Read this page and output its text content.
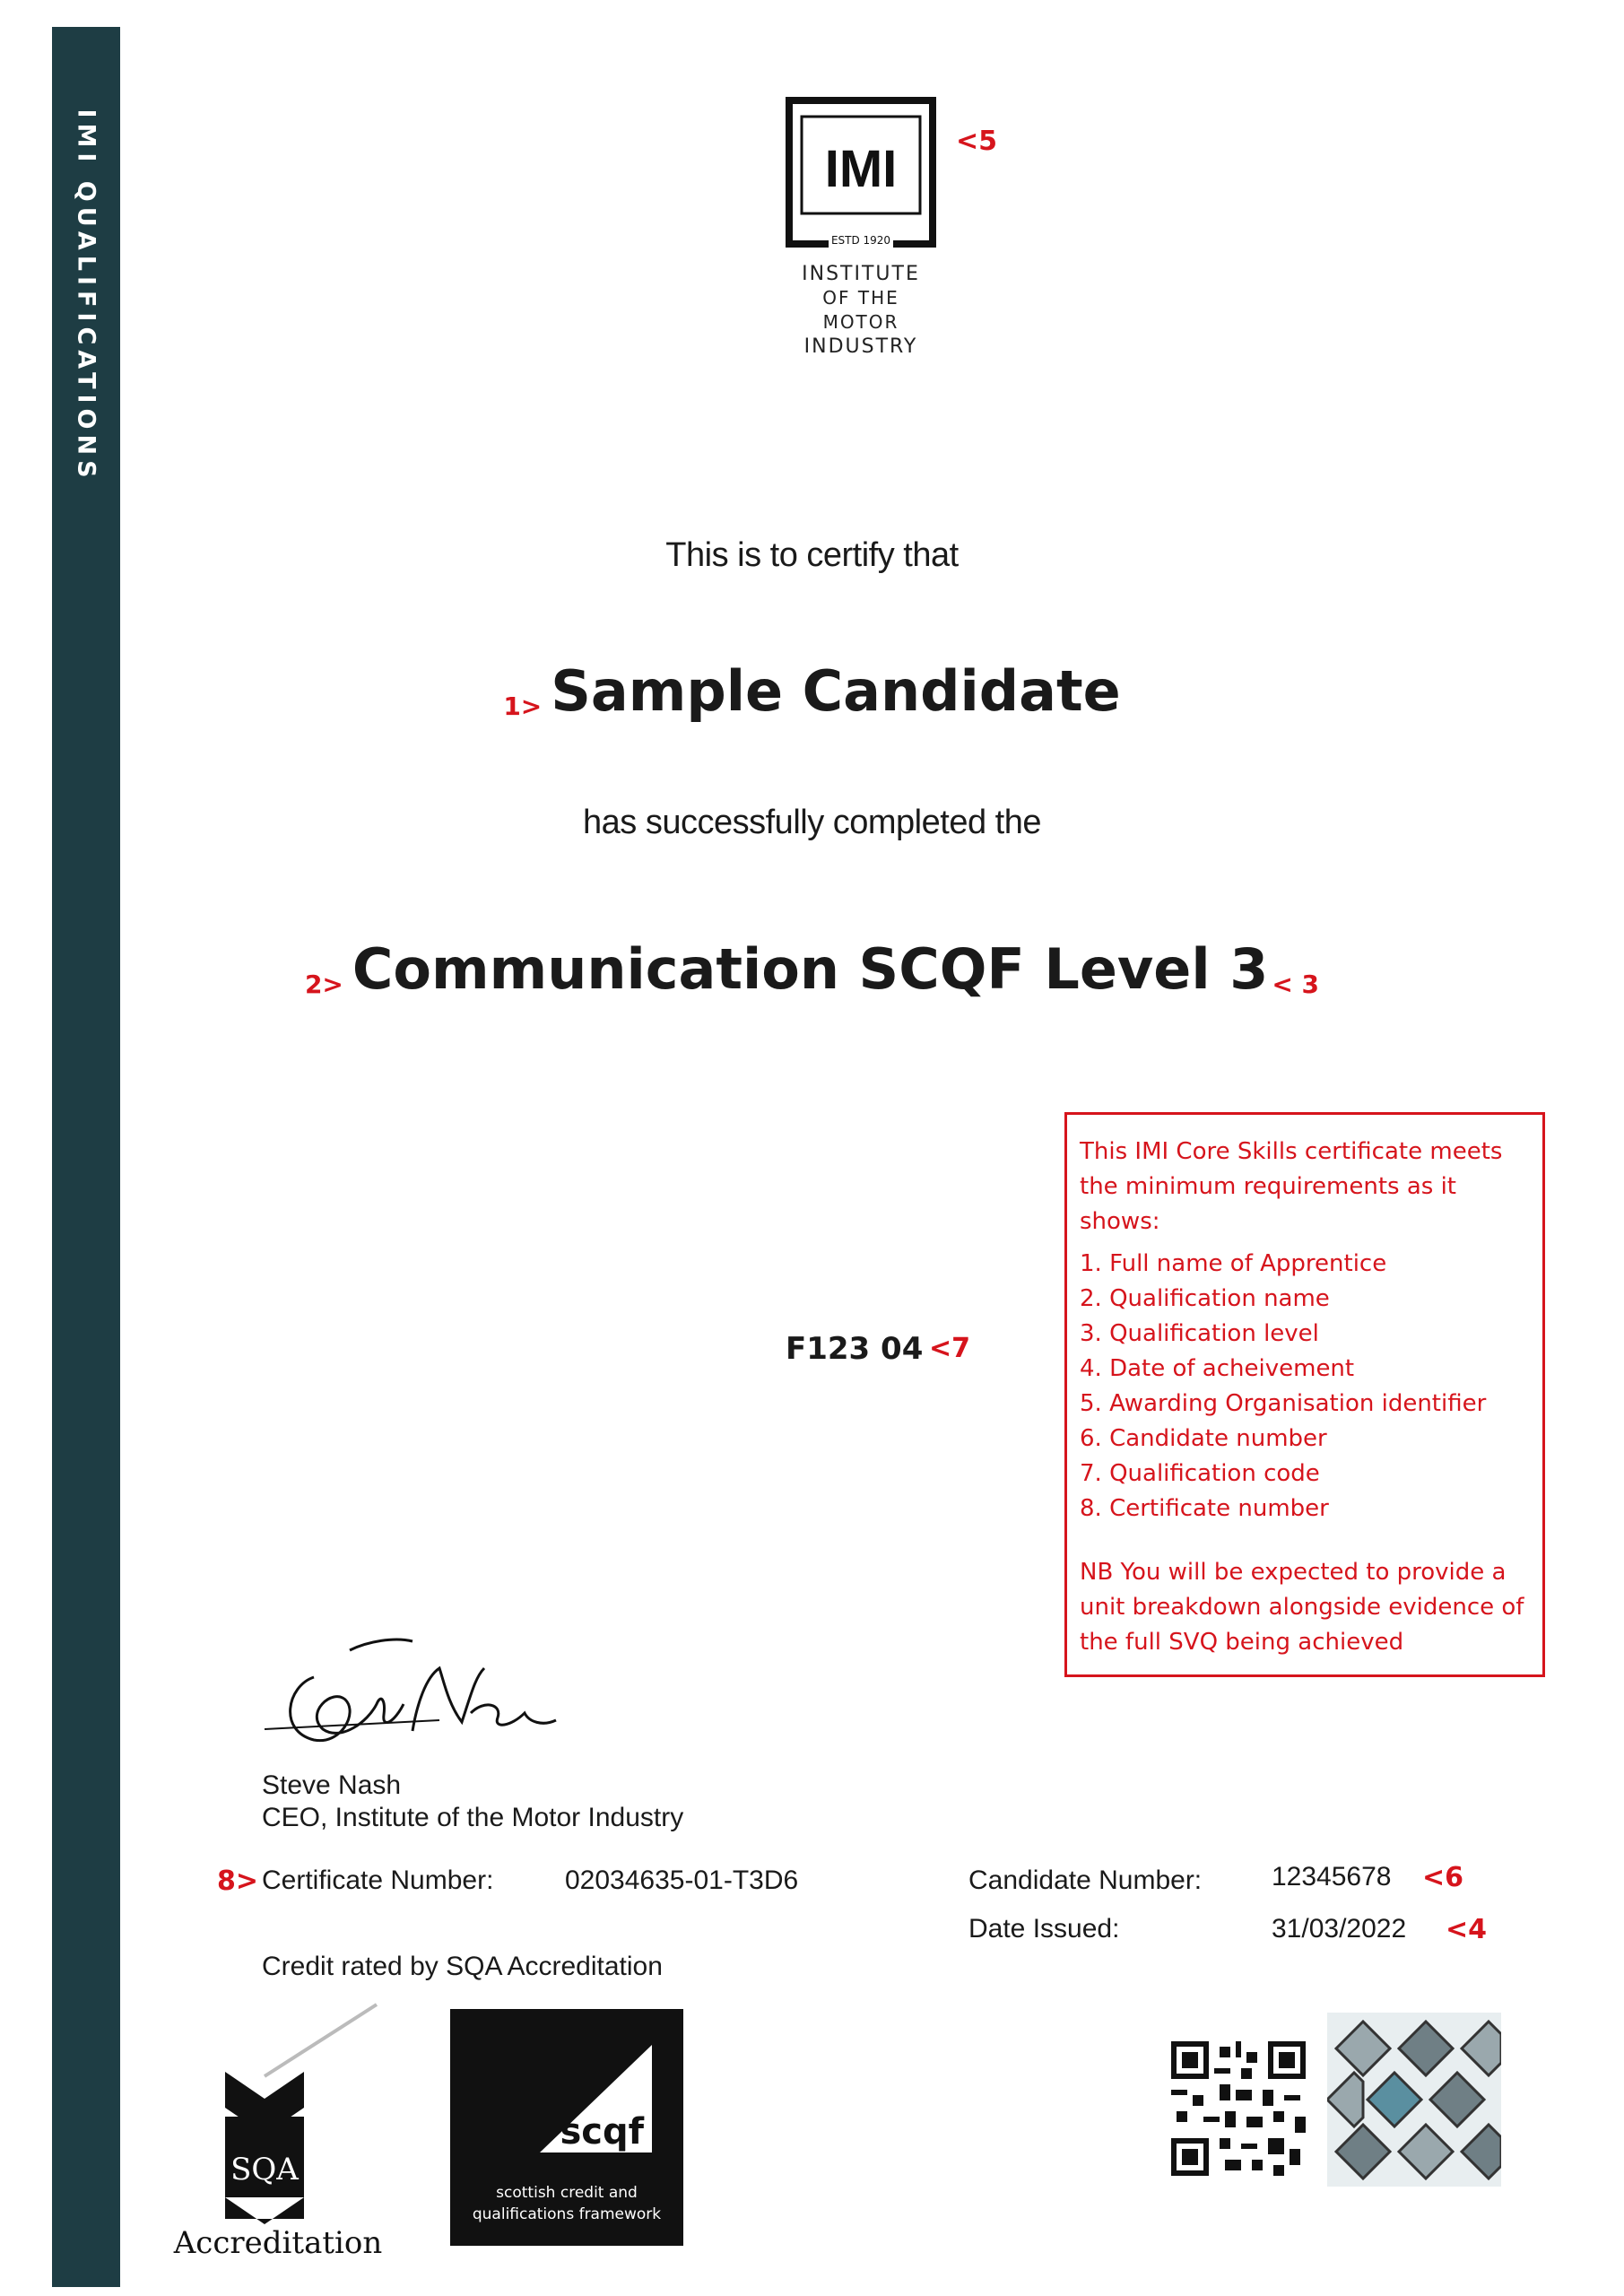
IMI QUALIFICATIONS	IMI
ESTD 1920
INSTITUTE
OF THE MOTOR
INDUSTRY
<5
This is to certify that
1> Sample Candidate
has successfully completed the
2> Communication SCQF Level 3 < 3
F123 04 <7

This IMI Core Skills certificate meets the minimum requirements as it shows:

1. Full name of Apprentice
2. Qualification name
3. Qualification level
4. Date of acheivement
5. Awarding Organisation identifier
6. Candidate number
7. Qualification code
8. Certificate number

NB You will be expected to provide a unit breakdown alongside evidence of the full SVQ being achieved

Steve Nash
CEO, Institute of the Motor Industry
8> Certificate Number:	02034635-01-T3D6	Candidate Number:	12345678 <6
Date Issued:	31/03/2022 <4
Credit rated by SQA Accreditation
SQA
Accreditation
scqf
scottish credit and
qualifications framework
